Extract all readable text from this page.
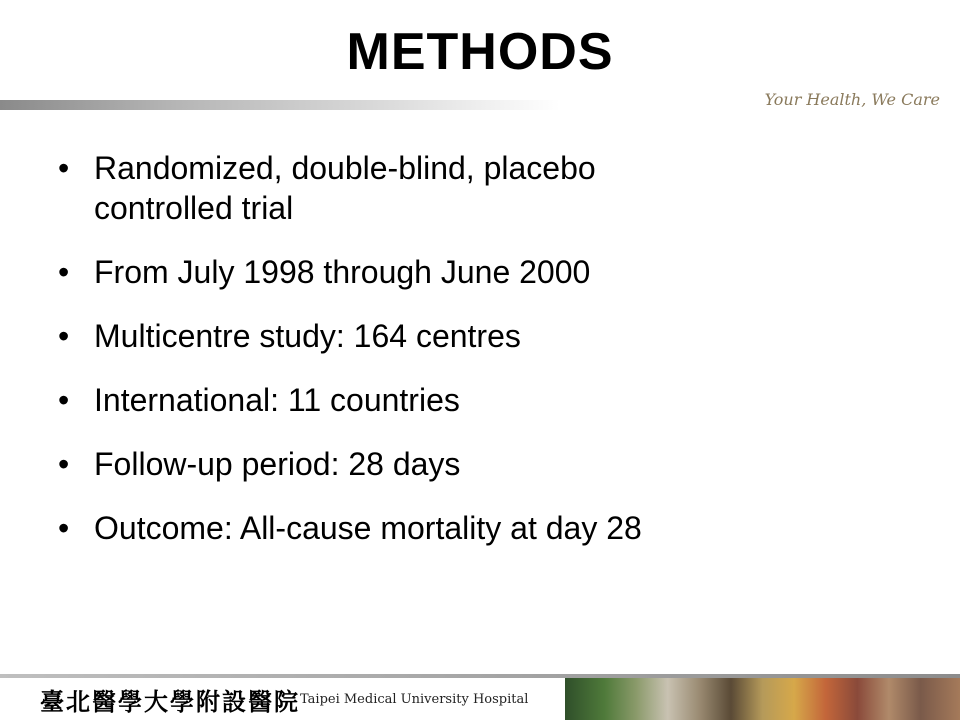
METHODS
Your Health, We Care
• Randomized, double-blind, placebo
controlled trial
• From July 1998 through June 2000
• Multicentre study: 164 centres
• International: 11 countries
• Follow-up period: 28 days
• Outcome: All-cause mortality at day 28
臺北醫學大學附設醫院 Taipei Medical University Hospital
